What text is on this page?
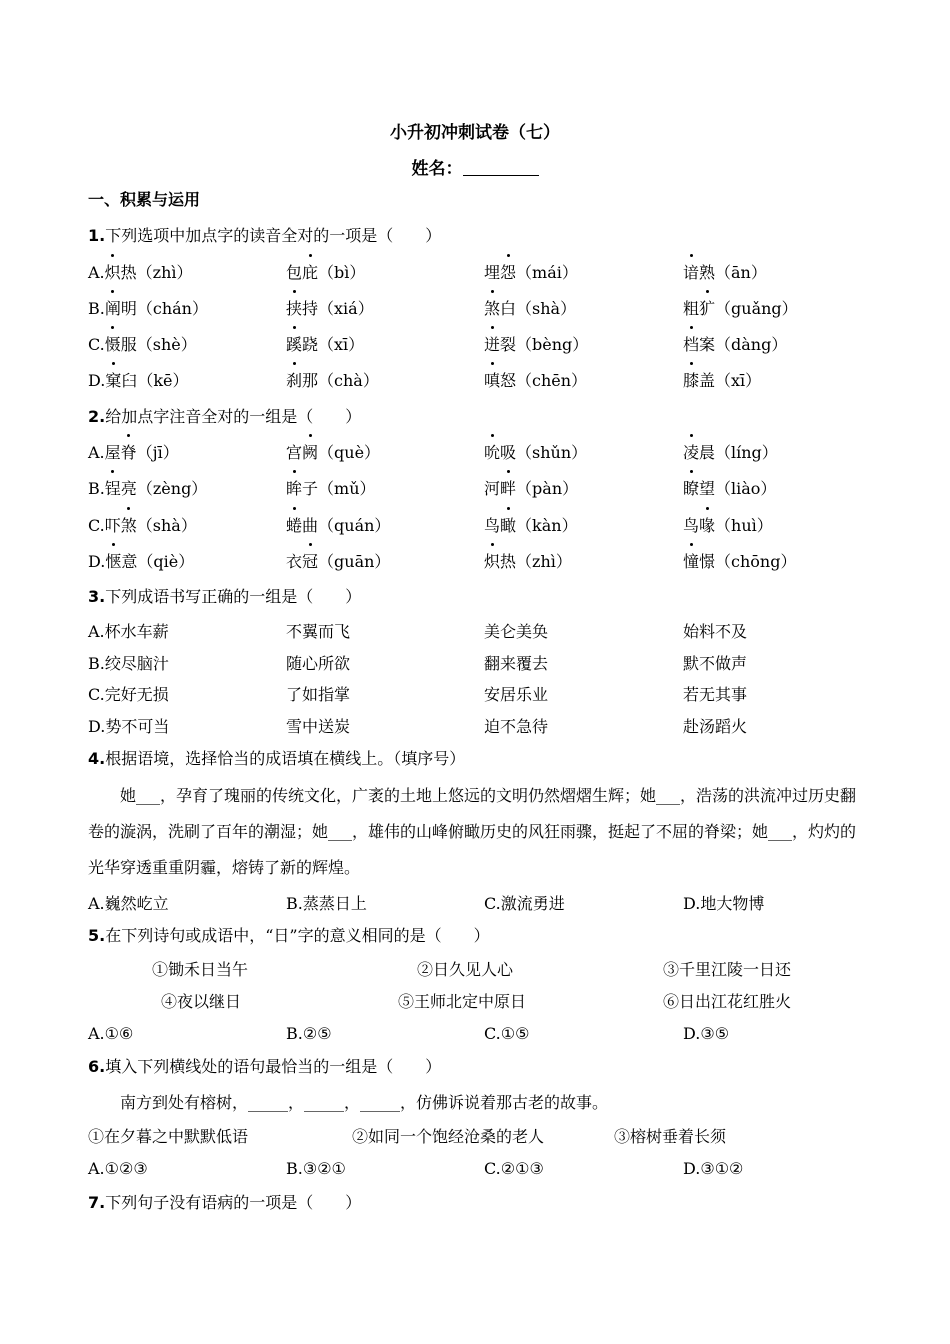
小升初冲刺试卷（七）
姓名：
一、积累与运用
1.下列选项中加点字的读音全对的一项是（　　）
A.炽热（zhì）	包庇（bì）	埋怨（mái）	谙熟（ān）
B.阐明（chán）	挟持（xiá）	煞白（shà）	粗犷（guǎng）
C.慑服（shè）	蹊跷（xī）	迸裂（bèng）	档案（dàng）
D.窠臼（kē）	刹那（chà）	嗔怒（chēn）	膝盖（xī）
2.给加点字注音全对的一组是（　　）
A.屋脊（jī）	宫阙（què）	吮吸（shǔn）	凌晨（líng）
B.锃亮（zèng）	眸子（mǔ）	河畔（pàn）	瞭望（liào）
C.吓煞（shà）	蜷曲（quán）	鸟瞰（kàn）	鸟喙（huì）
D.惬意（qiè）	衣冠（guān）	炽热（zhì）	憧憬（chōng）
3.下列成语书写正确的一组是（　　）
A.杯水车薪	不翼而飞	美仑美奂	始料不及
B.绞尽脑汁	随心所欲	翻来覆去	默不做声
C.完好无损	了如指掌	安居乐业	若无其事
D.势不可当	雪中送炭	迫不急待	赴汤蹈火
4.根据语境，选择恰当的成语填在横线上。（填序号）
她___，孕育了瑰丽的传统文化，广袤的土地上悠远的文明仍然熠熠生辉；她___，浩荡的洪流冲过历史翻卷的漩涡，洗刷了百年的潮湿；她___，雄伟的山峰俯瞰历史的风狂雨骤，挺起了不屈的脊梁；她___，灼灼的光华穿透重重阴霾，熔铸了新的辉煌。
A.巍然屹立	B.蒸蒸日上	C.激流勇进	D.地大物博
5.在下列诗句或成语中，“日”字的意义相同的是（　　）
①锄禾日当午	②日久见人心	③千里江陵一日还
④夜以继日	⑤王师北定中原日	⑥日出江花红胜火
A.①⑥	B.②⑤	C.①⑤	D.③⑤
6.填入下列横线处的语句最恰当的一组是（　　）
南方到处有榕树，_____，_____，_____，仿佛诉说着那古老的故事。
①在夕暮之中默默低语	②如同一个饱经沧桑的老人	③榕树垂着长须
A.①②③	B.③②①	C.②①③	D.③①②
7.下列句子没有语病的一项是（　　）
